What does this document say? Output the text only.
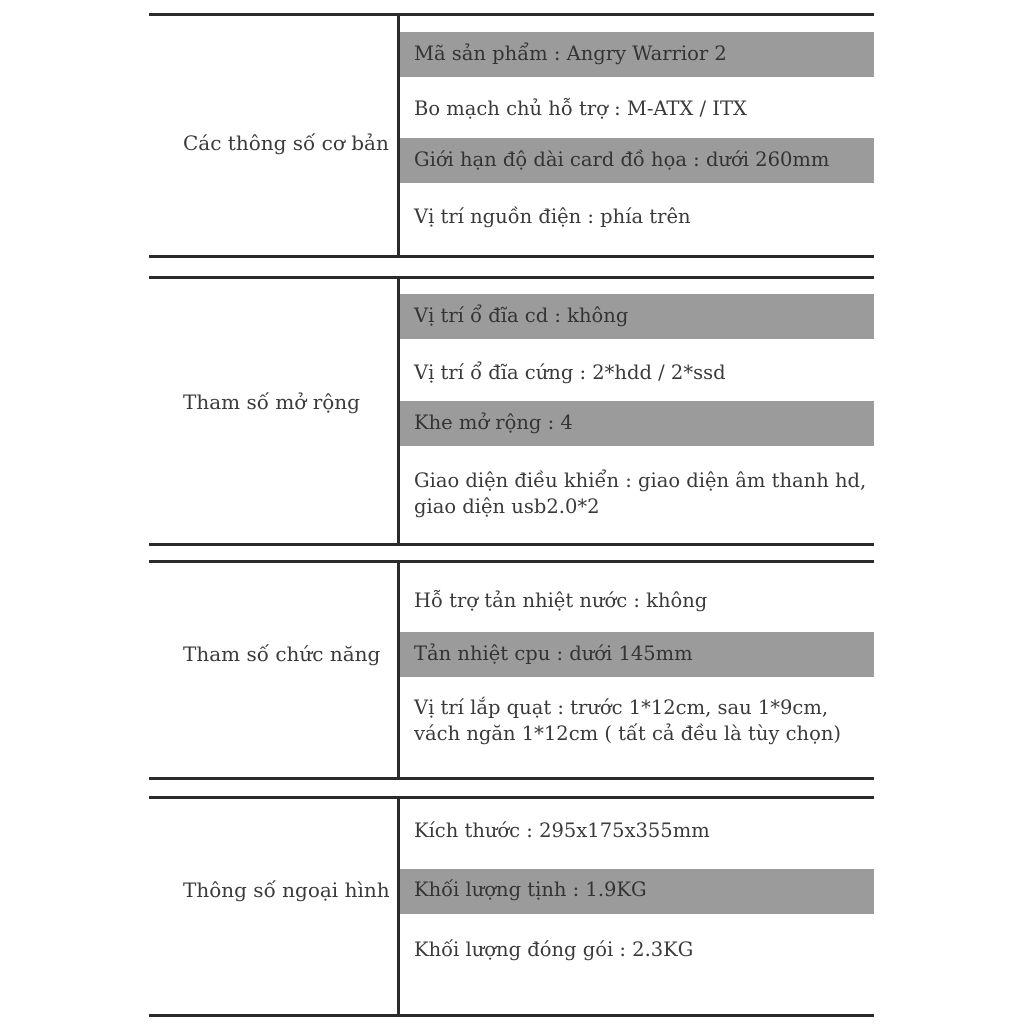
Các thông số cơ bản
Mã sản phẩm : Angry Warrior 2
Bo mạch chủ hỗ trợ : M-ATX / ITX
Giới hạn độ dài card đồ họa : dưới 260mm
Vị trí nguồn điện : phía trên
Tham số mở rộng
Vị trí ổ đĩa cd : không
Vị trí ổ đĩa cứng : 2*hdd / 2*ssd
Khe mở rộng : 4
Giao diện điều khiển : giao diện âm thanh hd,
giao diện usb2.0*2
Tham số chức năng
Hỗ trợ tản nhiệt nước : không
Tản nhiệt cpu : dưới 145mm
Vị trí lắp quạt : trước 1*12cm, sau 1*9cm,
vách ngăn 1*12cm ( tất cả đều là tùy chọn)
Thông số ngoại hình
Kích thước : 295x175x355mm
Khối lượng tịnh : 1.9KG
Khối lượng đóng gói : 2.3KG
